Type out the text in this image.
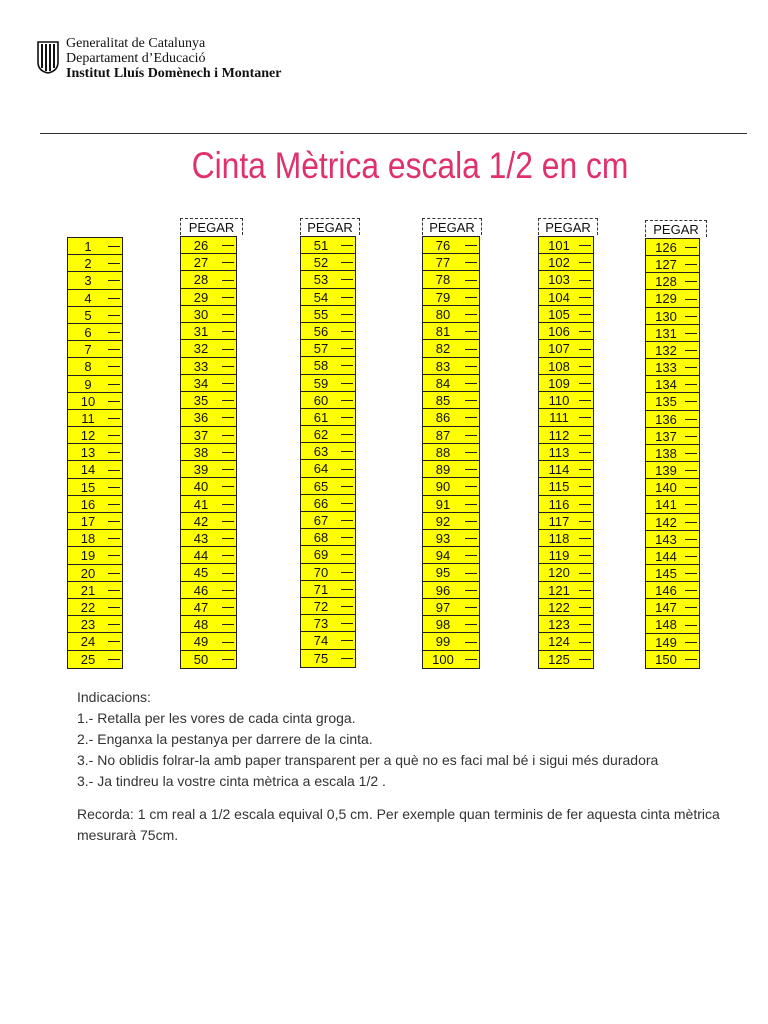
Generalitat de Catalunya
Departament d’Educació
Institut Lluís Domènech i Montaner
Cinta Mètrica escala 1/2 en cm
1
2
3
4
5
6
7
8
9
10
11
12
13
14
15
16
17
18
19
20
21
22
23
24
25
PEGAR
26
27
28
29
30
31
32
33
34
35
36
37
38
39
40
41
42
43
44
45
46
47
48
49
50
PEGAR
51
52
53
54
55
56
57
58
59
60
61
62
63
64
65
66
67
68
69
70
71
72
73
74
75
PEGAR
76
77
78
79
80
81
82
83
84
85
86
87
88
89
90
91
92
93
94
95
96
97
98
99
100
PEGAR
101
102
103
104
105
106
107
108
109
110
111
112
113
114
115
116
117
118
119
120
121
122
123
124
125
PEGAR
126
127
128
129
130
131
132
133
134
135
136
137
138
139
140
141
142
143
144
145
146
147
148
149
150

Indicacions:

1.- Retalla per les vores de cada cinta groga.

2.- Enganxa la pestanya per darrere de la cinta.

3.- No oblidis folrar-la amb paper transparent per a què no es faci mal bé i sigui més duradora

3.- Ja tindreu la vostre cinta mètrica a escala 1/2 .

Recorda: 1 cm real a 1/2 escala equival 0,5 cm. Per exemple quan terminis de fer aquesta cinta mètrica mesurarà 75cm.
